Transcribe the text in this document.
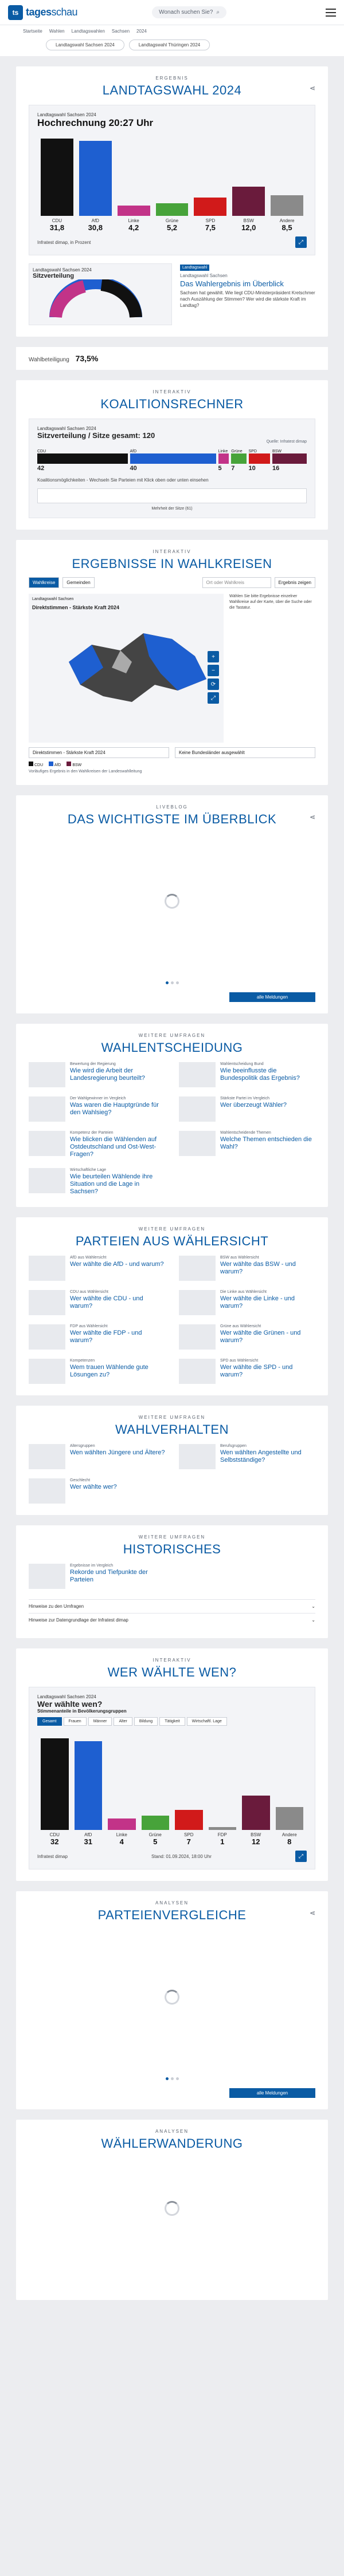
ts tagesschau	Wonach suchen Sie? ⌕
Startseite Wahlen Landtagswahlen Sachsen 2024
Landtagswahl Sachsen 2024	Landtagswahl Thüringen 2024
ERGEBNIS
LANDTAGSWAHL 2024	⋖
Landtagswahl Sachsen 2024
Hochrechnung 20:27 Uhr
CDU
31,8
AfD
30,8
Linke
4,2
Grüne
5,2
SPD
7,5
BSW
12,0
Andere
8,5
Infratest dimap, in Prozent	⤢
Landtagswahl Sachsen 2024
Sitzverteilung
Landtagswahl
Landtagswahl Sachsen
Das Wahlergebnis im Überblick
Sachsen hat gewählt. Wie liegt CDU-Ministerpräsident Kretschmer nach Auszählung der Stimmen? Wer wird die stärkste Kraft im Landtag?
Wahlbeteiligung 73,5%
INTERAKTIV
KOALITIONSRECHNER
Landtagswahl Sachsen 2024
Sitzverteilung / Sitze gesamt: 120
Quelle: Infratest dimap
CDU
42
AfD
40
Linke
5
Grüne
7
SPD
10
BSW
16
Koalitionsmöglichkeiten - Wechseln Sie Parteien mit Klick oben oder unten einsehen
Mehrheit der Sitze (61)
INTERAKTIV
ERGEBNISSE IN WAHLKREISEN
Wahlkreise	Gemeinden	Ort oder Wahlkreis	Ergebnis zeigen
Landtagswahl Sachsen
Direktstimmen - Stärkste Kraft 2024
+
−
⟳
⤢
Wählen Sie bitte Ergebnisse einzelner Wahlkreise auf der Karte, über die Suche oder die Tastatur.
Direktstimmen - Stärkste Kraft 2024	Keine Bundesländer ausgewählt
CDU	AfD	BSW
Vorläufiges Ergebnis in den Wahlkreisen der Landeswahlleitung
LIVEBLOG
DAS WICHTIGSTE IM ÜBERBLICK	⋖
alle Meldungen
WEITERE UMFRAGEN
WAHLENTSCHEIDUNG
Bewertung der Regierung
Wie wird die Arbeit der Landesregierung beurteilt?
Wahlentscheidung Bund
Wie beeinflusste die Bundespolitik das Ergebnis?
Der Wahlgewinner im Vergleich
Was waren die Hauptgründe für den Wahlsieg?
Stärkste Partei im Vergleich
Wer überzeugt Wähler?
Kompetenz der Parteien
Wie blicken die Wählenden auf Ostdeutschland und Ost-West-Fragen?
Wahlentscheidende Themen
Welche Themen entschieden die Wahl?
Wirtschaftliche Lage
Wie beurteilen Wählende ihre Situation und die Lage in Sachsen?
WEITERE UMFRAGEN
PARTEIEN AUS WÄHLERSICHT
AfD aus Wählersicht
Wer wählte die AfD - und warum?
BSW aus Wählersicht
Wer wählte das BSW - und warum?
CDU aus Wählersicht
Wer wählte die CDU - und warum?
Die Linke aus Wählersicht
Wer wählte die Linke - und warum?
FDP aus Wählersicht
Wer wählte die FDP - und warum?
Grüne aus Wählersicht
Wer wählte die Grünen - und warum?
Kompetenzen
Wem trauen Wählende gute Lösungen zu?
SPD aus Wählersicht
Wer wählte die SPD - und warum?
WEITERE UMFRAGEN
WAHLVERHALTEN
Altersgruppen
Wen wählten Jüngere und Ältere?
Berufsgruppen
Wen wählten Angestellte und Selbstständige?
Geschlecht
Wer wählte wer?
WEITERE UMFRAGEN
HISTORISCHES
Ergebnisse im Vergleich
Rekorde und Tiefpunkte der Parteien
Hinweise zu den Umfragen	⌄
Hinweise zur Datengrundlage der Infratest dimap	⌄
INTERAKTIV
WER WÄHLTE WEN?
Landtagswahl Sachsen 2024
Wer wählte wen?
Stimmenanteile in Bevölkerungsgruppen
Gesamt	Frauen	Männer	Alter	Bildung	Tätigkeit	Wirtschaftl. Lage
CDU
32
AfD
31
Linke
4
Grüne
5
SPD
7
FDP
1
BSW
12
Andere
8
Infratest dimap	Stand: 01.09.2024, 18:00 Uhr	⤢
ANALYSEN
PARTEIENVERGLEICHE	⋖
alle Meldungen
ANALYSEN
WÄHLERWANDERUNG
